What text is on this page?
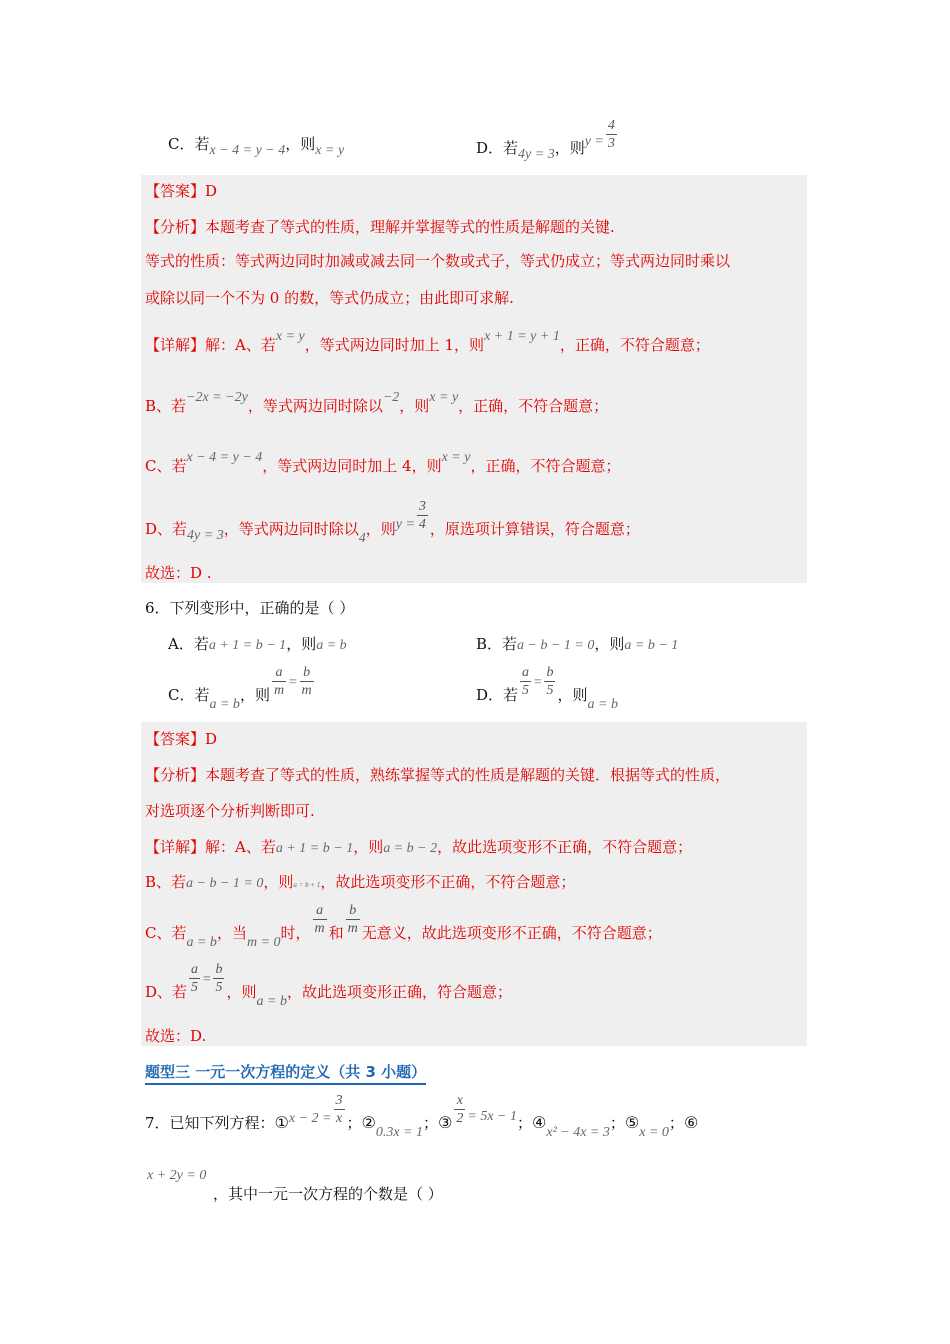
C．若x − 4 = y − 4，则x = y	D．若4y = 3，则$y = \frac{4}{3}$
【答案】D
【分析】本题考查了等式的性质，理解并掌握等式的性质是解题的关键.
等式的性质：等式两边同时加减或减去同一个数或式子，等式仍成立；等式两边同时乘以
或除以同一个不为 0 的数，等式仍成立；由此即可求解.
【详解】解：A、若x = y，等式两边同时加上 1，则x + 1 = y + 1，正确，不符合题意；
B、若−2x = −2y，等式两边同时除以−2，则x = y，正确，不符合题意；
C、若x − 4 = y − 4，等式两边同时加上 4，则x = y，正确，不符合题意；
D、若4y = 3，等式两边同时除以4，则$y = \frac{3}{4}$ ，原选项计算错误，符合题意；
故选：D .
6．下列变形中，正确的是（ ）
A．若a + 1 = b − 1，则a = b	B．若a − b − 1 = 0，则a = b − 1
C．若a = b，则 $\frac{a}{m} = \frac{b}{m}$	D．若 $\frac{a}{5} = \frac{b}{5}$ ，则a = b
【答案】D
【分析】本题考查了等式的性质，熟练掌握等式的性质是解题的关键．根据等式的性质，
对选项逐个分析判断即可.
【详解】解：A、若a + 1 = b − 1，则a = b − 2，故此选项变形不正确，不符合题意；
B、若a − b − 1 = 0，则a = b + 1，故此选项变形不正确，不符合题意；
C、若a = b，当m = 0时， $\frac{a}{m}$ 和 $\frac{b}{m}$ 无意义，故此选项变形不正确，不符合题意；
D、若 $\frac{a}{5} = \frac{b}{5}$ ，则a = b，故此选项变形正确，符合题意；
故选：D.
题型三 一元一次方程的定义（共 3 小题）
7．已知下列方程：①x − $2 = \frac{3}{x}$ ；②0.3x = 1；③ $\frac{x}{2} = 5x - 1$；④x² − 4x = 3；⑤x = 0；⑥
x + 2y = 0
，其中一元一次方程的个数是（ ）
